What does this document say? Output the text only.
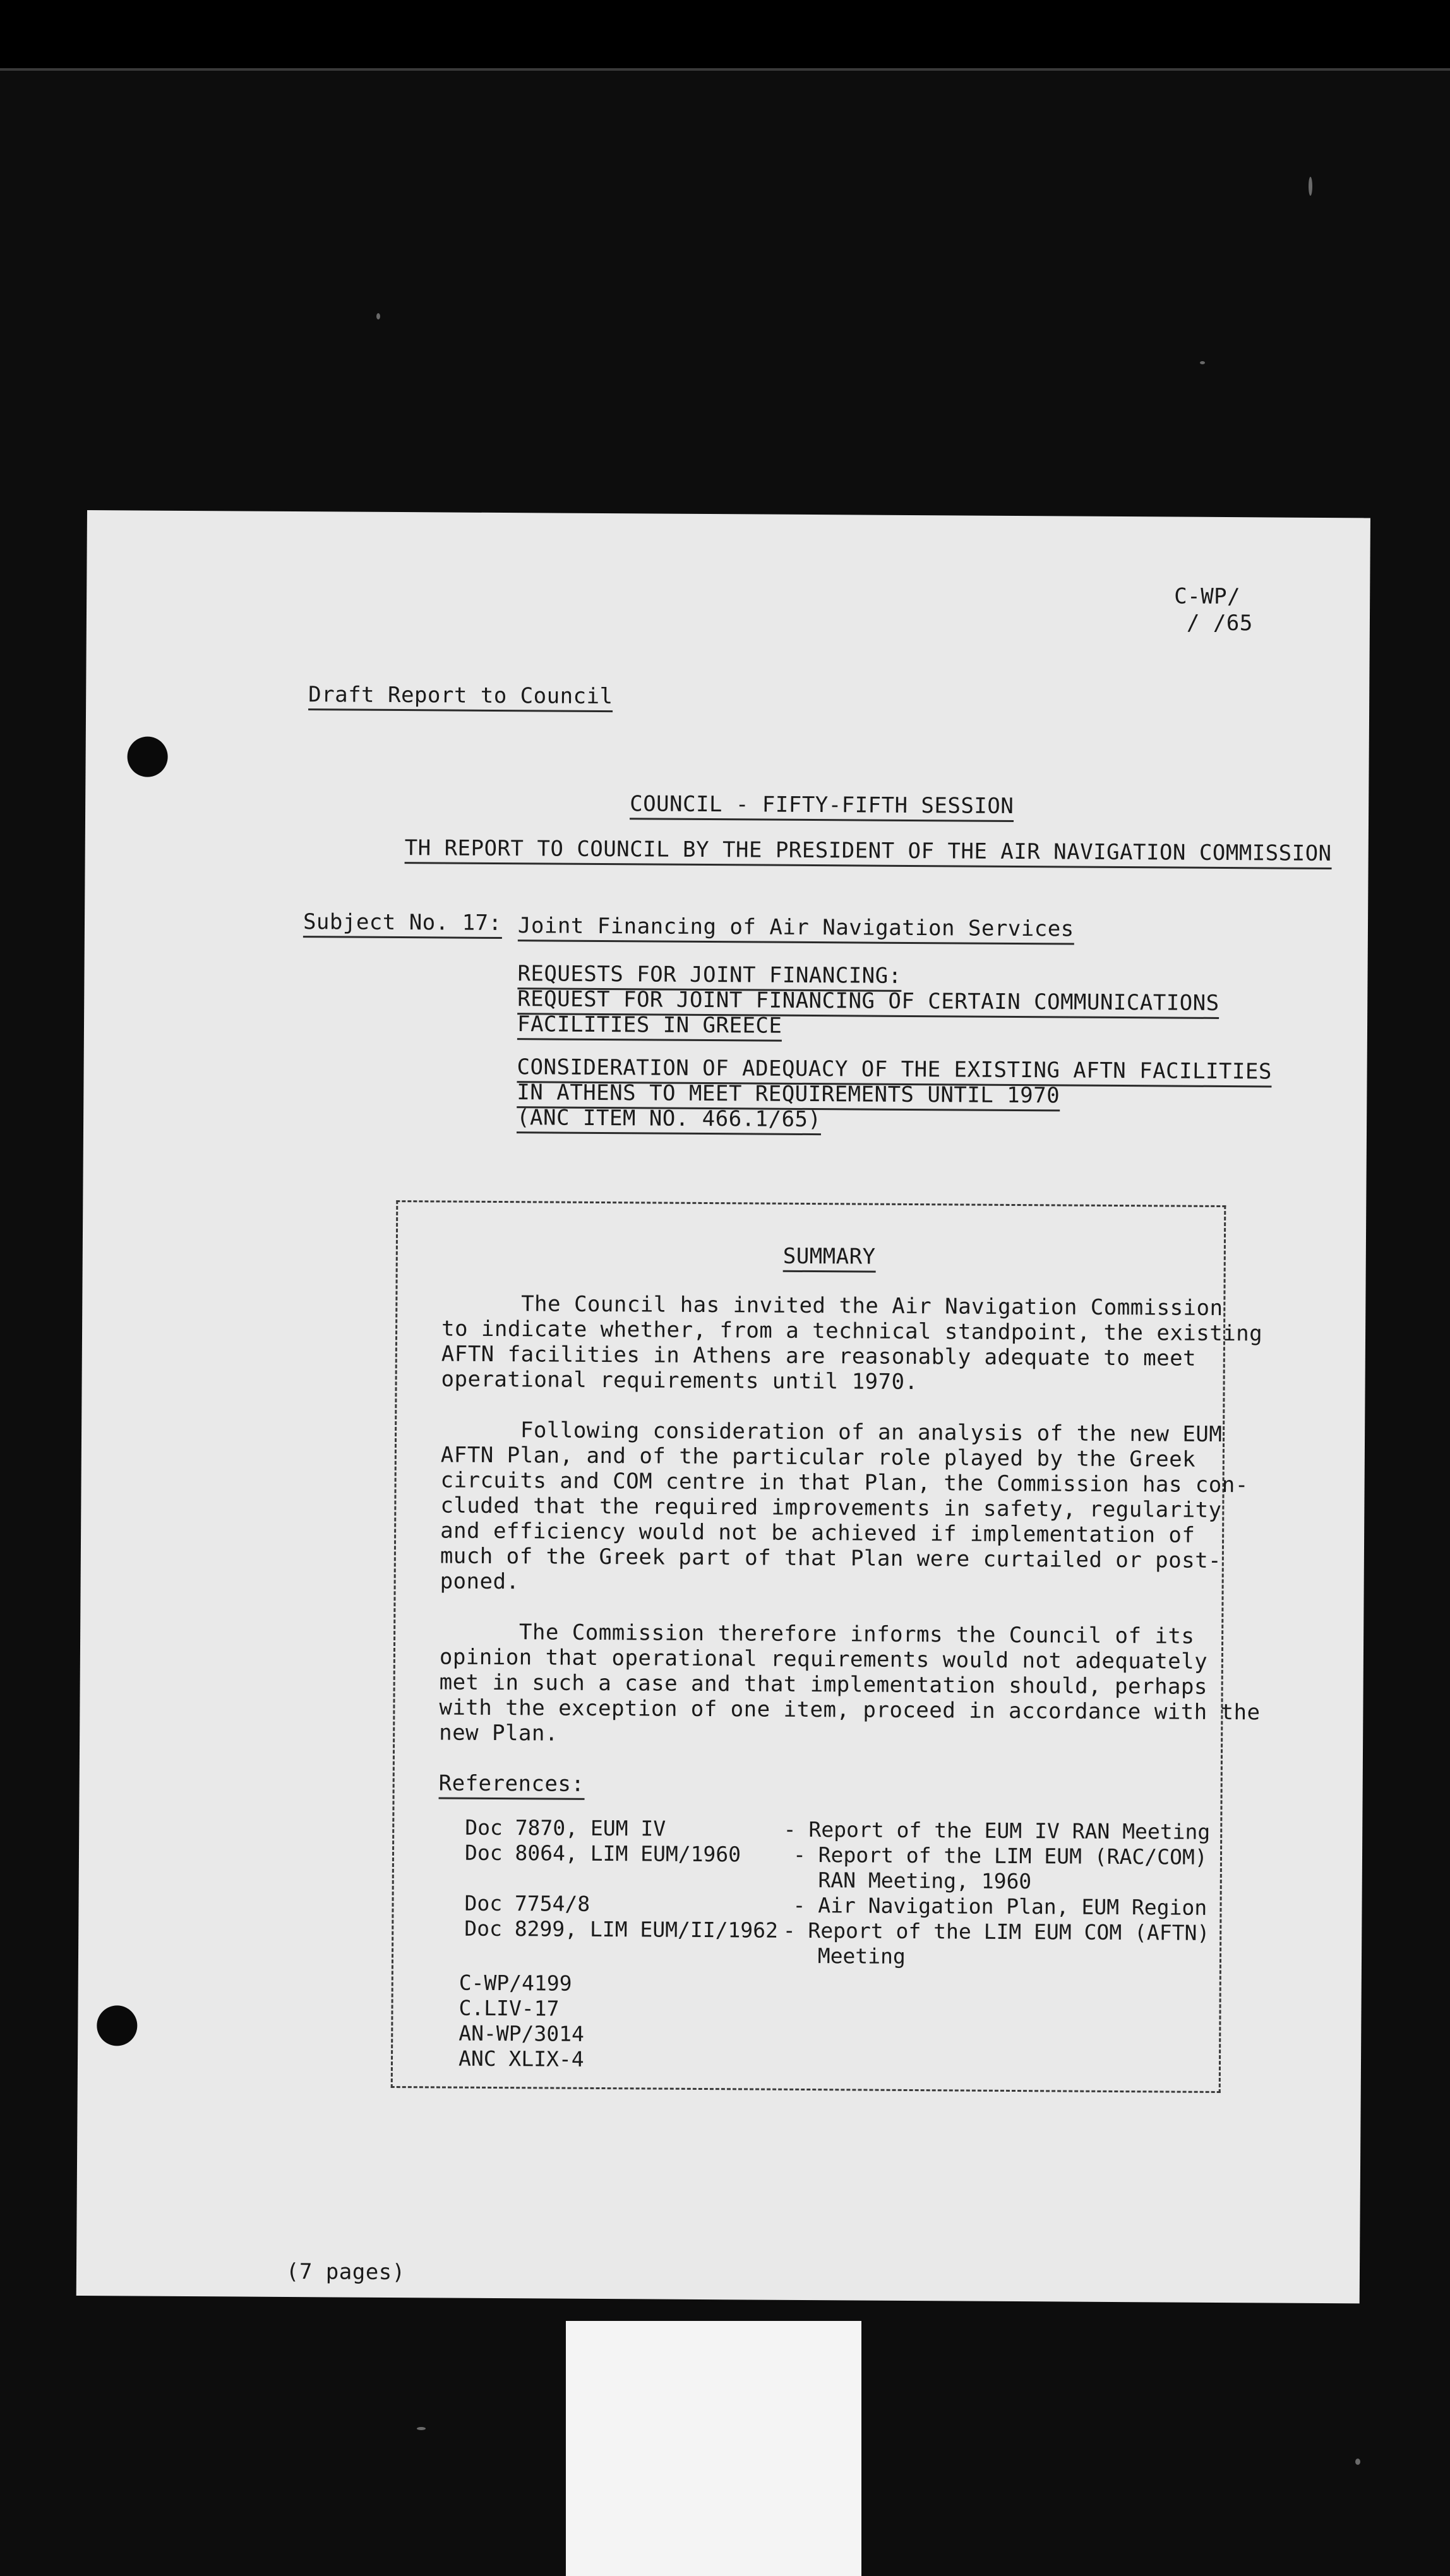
C-WP/
/ /65
Draft Report to Council
COUNCIL - FIFTY-FIFTH SESSION
TH REPORT TO COUNCIL BY THE PRESIDENT OF THE AIR NAVIGATION COMMISSION
Subject No. 17: Joint Financing of Air Navigation Services
REQUESTS FOR JOINT FINANCING:
REQUEST FOR JOINT FINANCING OF CERTAIN COMMUNICATIONS
FACILITIES IN GREECE
CONSIDERATION OF ADEQUACY OF THE EXISTING AFTN FACILITIES
IN ATHENS TO MEET REQUIREMENTS UNTIL 1970
(ANC ITEM NO. 466.1/65)
SUMMARY
The Council has invited the Air Navigation Commission
to indicate whether, from a technical standpoint, the existing
AFTN facilities in Athens are reasonably adequate to meet
operational requirements until 1970.
Following consideration of an analysis of the new EUM
AFTN Plan, and of the particular role played by the Greek
circuits and COM centre in that Plan, the Commission has con-
cluded that the required improvements in safety, regularity
and efficiency would not be achieved if implementation of
much of the Greek part of that Plan were curtailed or post-
poned.
The Commission therefore informs the Council of its
opinion that operational requirements would not adequately
met in such a case and that implementation should, perhaps
with the exception of one item, proceed in accordance with the
new Plan.
References:
Doc 7870, EUM IV	- Report of the EUM IV RAN Meeting
Doc 8064, LIM EUM/1960	- Report of the LIM EUM (RAC/COM)
RAN Meeting, 1960
Doc 7754/8	- Air Navigation Plan, EUM Region
Doc 8299, LIM EUM/II/1962 - Report of the LIM EUM COM (AFTN)
Meeting
C-WP/4199
C.LIV-17
AN-WP/3014
ANC XLIX-4
(7 pages)
